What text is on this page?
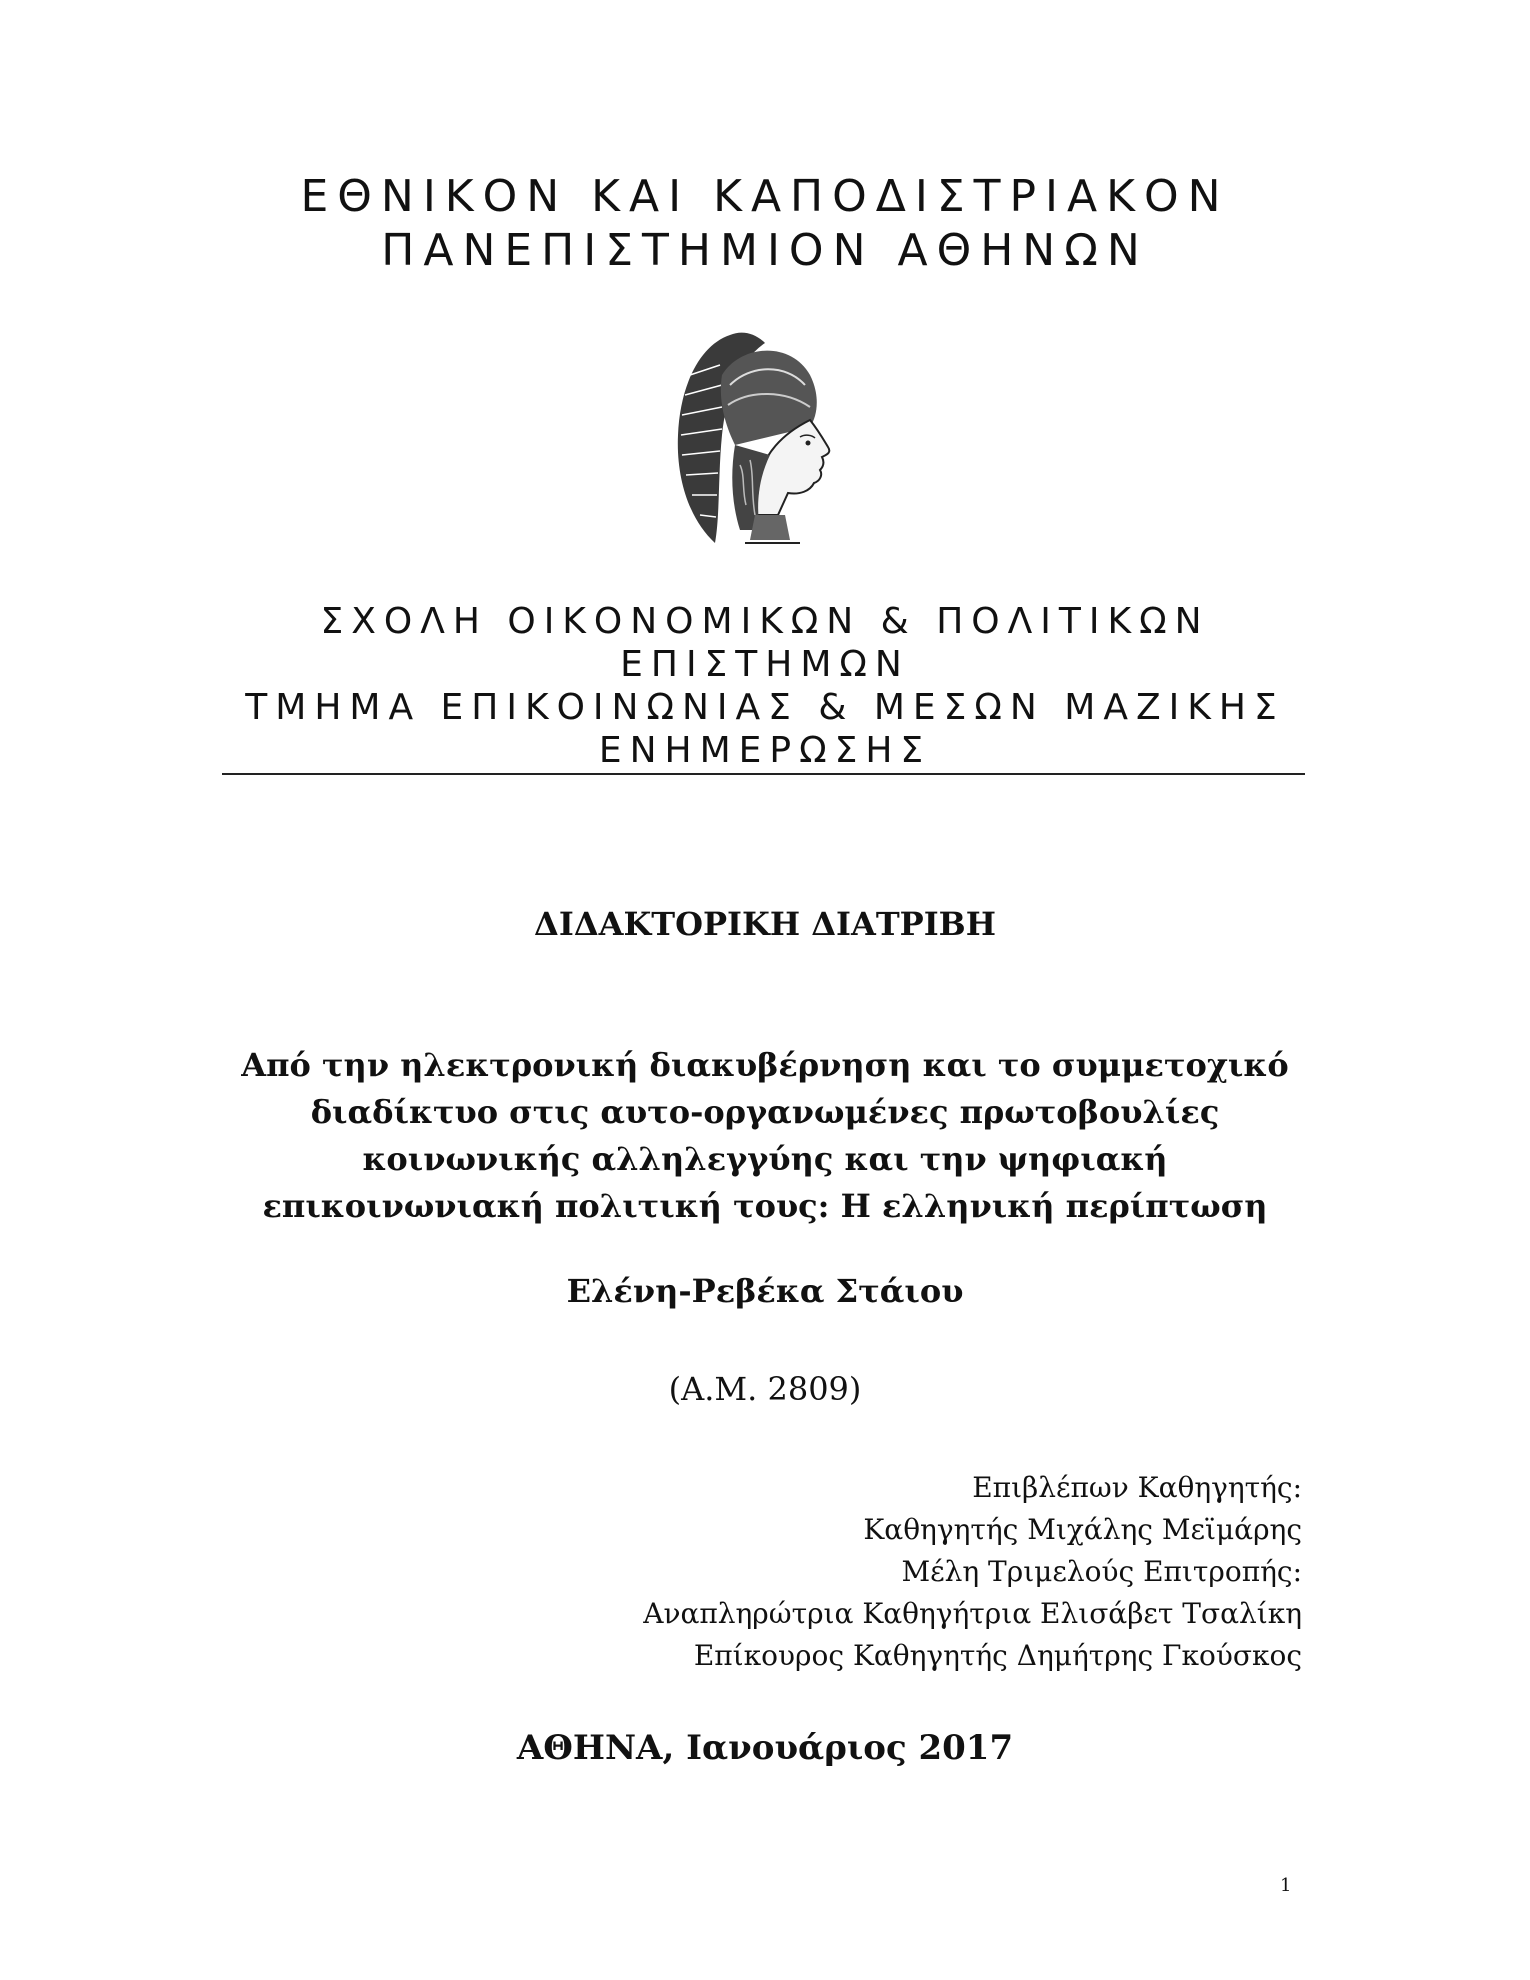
ΕΘΝΙΚΟΝ ΚΑΙ ΚΑΠΟΔΙΣΤΡΙΑΚΟΝ
ΠΑΝΕΠΙΣΤΗΜΙΟΝ ΑΘΗΝΩΝ
ΣΧΟΛΗ ΟΙΚΟΝΟΜΙΚΩΝ & ΠΟΛΙΤΙΚΩΝ
ΕΠΙΣΤΗΜΩΝ
ΤΜΗΜΑ ΕΠΙΚΟΙΝΩΝΙΑΣ & ΜΕΣΩΝ ΜΑΖΙΚΗΣ
ΕΝΗΜΕΡΩΣΗΣ
ΔΙΔΑΚΤΟΡΙΚΗ ΔΙΑΤΡΙΒΗ
Από την ηλεκτρονική διακυβέρνηση και το συμμετοχικό
διαδίκτυο στις αυτο-οργανωμένες πρωτοβουλίες
κοινωνικής αλληλεγγύης και την ψηφιακή
επικοινωνιακή πολιτική τους: Η ελληνική περίπτωση
Ελένη-Ρεβέκα Στάιου
(Α.Μ. 2809)
Επιβλέπων Καθηγητής:
Καθηγητής Μιχάλης Μεϊμάρης
Μέλη Τριμελούς Επιτροπής:
Αναπληρώτρια Καθηγήτρια Ελισάβετ Τσαλίκη
Επίκουρος Καθηγητής Δημήτρης Γκούσκος
ΑΘΗΝΑ, Ιανουάριος 2017
1
